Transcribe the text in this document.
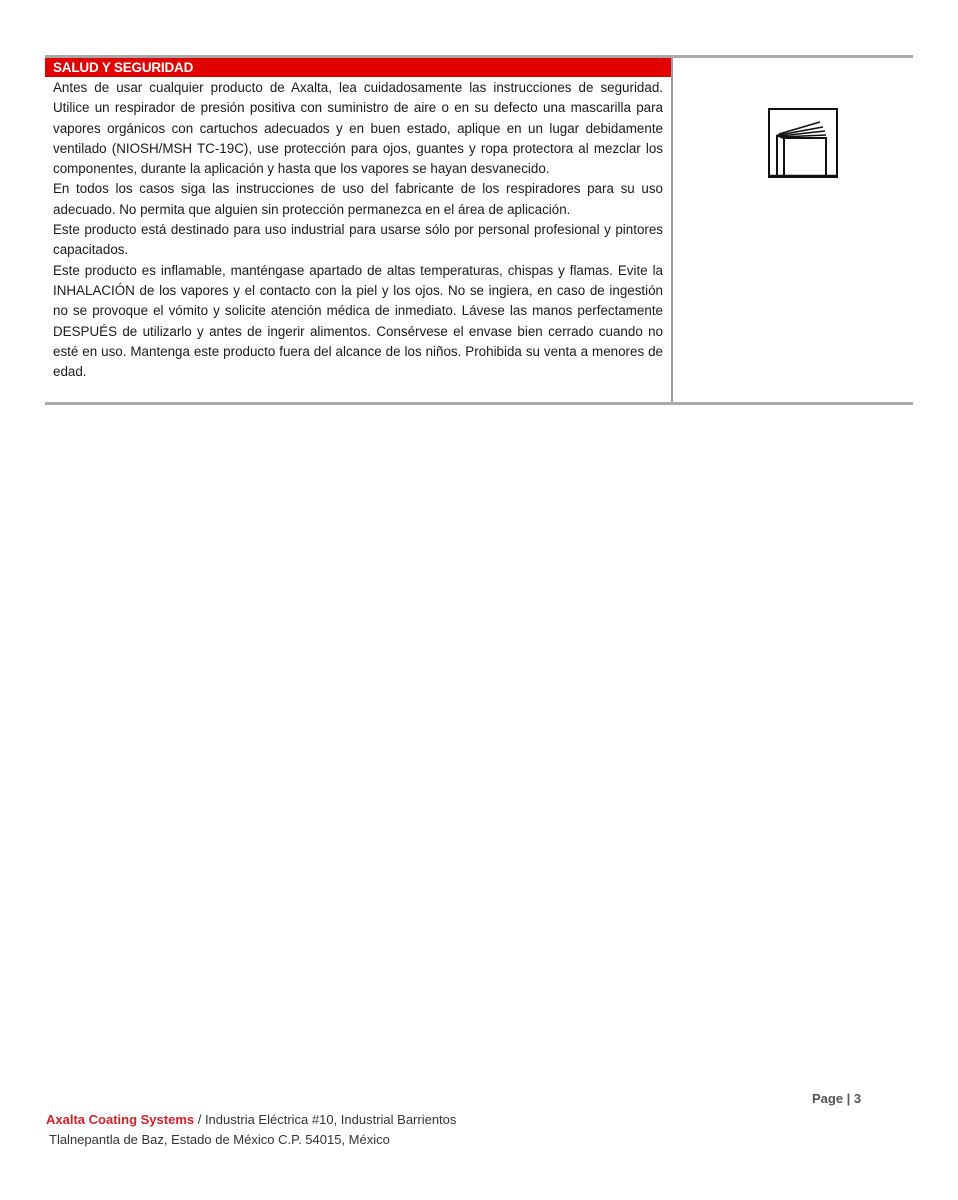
SALUD Y SEGURIDAD

Antes de usar cualquier producto de Axalta, lea cuidadosamente las instrucciones de seguridad. Utilice un respirador de presión positiva con suministro de aire o en su defecto una mascarilla para vapores orgánicos con cartuchos adecuados y en buen estado, aplique en un lugar debidamente ventilado (NIOSH/MSH TC-19C), use protección para ojos, guantes y ropa protectora al mezclar los componentes, durante la aplicación y hasta que los vapores se hayan desvanecido.

En todos los casos siga las instrucciones de uso del fabricante de los respiradores para su uso adecuado. No permita que alguien sin protección permanezca en el área de aplicación.

Este producto está destinado para uso industrial para usarse sólo por personal profesional y pintores capacitados.

Este producto es inflamable, manténgase apartado de altas temperaturas, chispas y flamas. Evite la INHALACIÓN de los vapores y el contacto con la piel y los ojos. No se ingiera, en caso de ingestión no se provoque el vómito y solicite atención médica de inmediato. Lávese las manos perfectamente DESPUÉS de utilizarlo y antes de ingerir alimentos. Consérvese el envase bien cerrado cuando no esté en uso. Mantenga este producto fuera del alcance de los niños. Prohibida su venta a menores de edad.

Page | 3
Axalta Coating Systems / Industria Eléctrica #10, Industrial Barrientos
Tlalnepantla de Baz, Estado de México C.P. 54015, México
